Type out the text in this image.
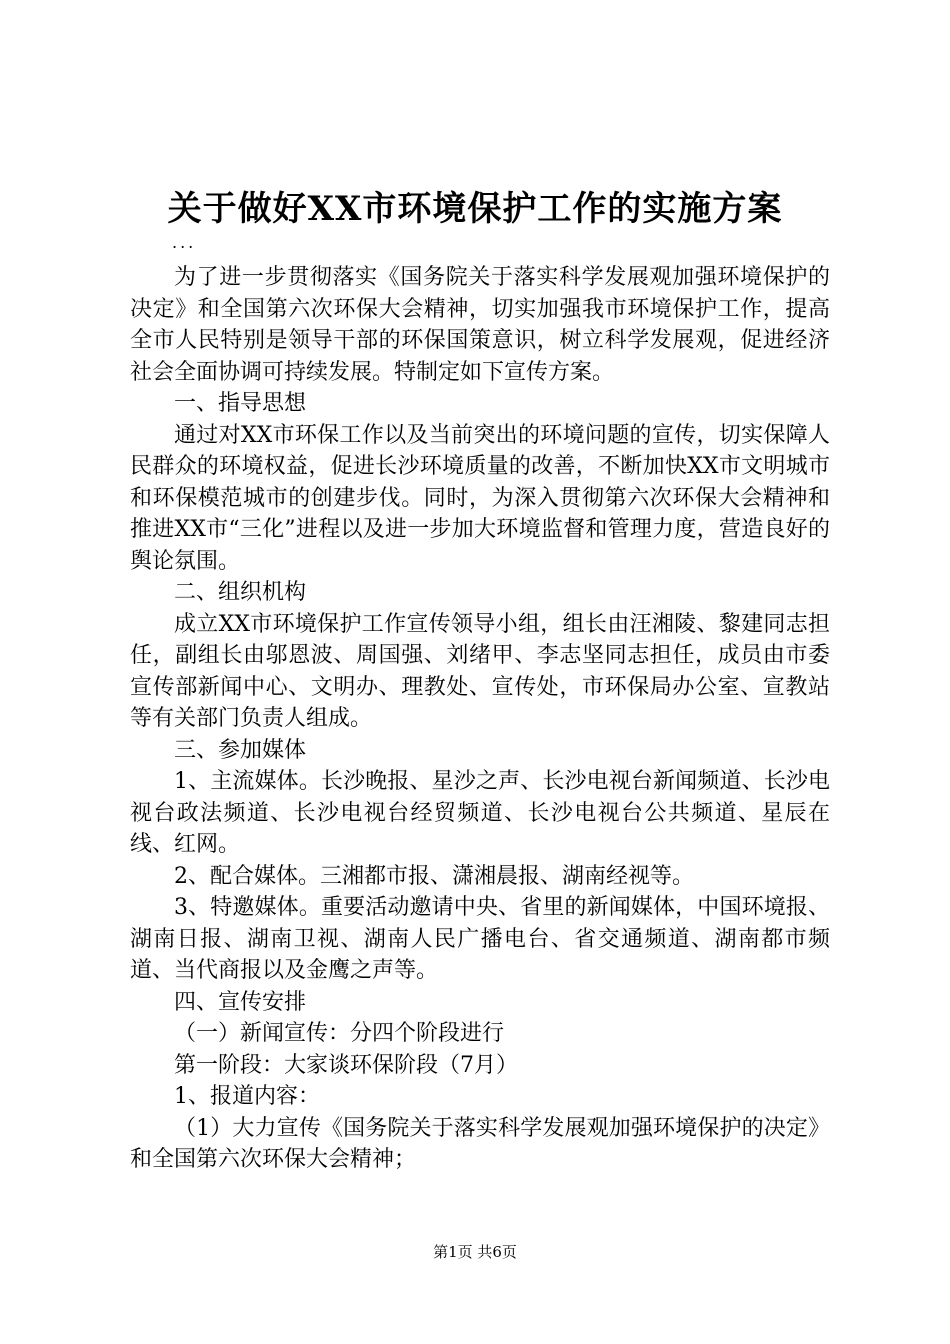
关于做好XX市环境保护工作的实施方案
...

为了进一步贯彻落实《国务院关于落实科学发展观加强环境保护的决定》和全国第六次环保大会精神，切实加强我市环境保护工作，提高全市人民特别是领导干部的环保国策意识，树立科学发展观，促进经济社会全面协调可持续发展。特制定如下宣传方案。

一、指导思想

通过对XX市环保工作以及当前突出的环境问题的宣传，切实保障人民群众的环境权益，促进长沙环境质量的改善，不断加快XX市文明城市和环保模范城市的创建步伐。同时，为深入贯彻第六次环保大会精神和推进XX市“三化”进程以及进一步加大环境监督和管理力度，营造良好的舆论氛围。

二、组织机构

成立XX市环境保护工作宣传领导小组，组长由汪湘陵、黎建同志担任，副组长由邬恩波、周国强、刘绪甲、李志坚同志担任，成员由市委宣传部新闻中心、文明办、理教处、宣传处，市环保局办公室、宣教站等有关部门负责人组成。

三、参加媒体

1、主流媒体。长沙晚报、星沙之声、长沙电视台新闻频道、长沙电视台政法频道、长沙电视台经贸频道、长沙电视台公共频道、星辰在线、红网。

2、配合媒体。三湘都市报、潇湘晨报、湖南经视等。

3、特邀媒体。重要活动邀请中央、省里的新闻媒体，中国环境报、湖南日报、湖南卫视、湖南人民广播电台、省交通频道、湖南都市频道、当代商报以及金鹰之声等。

四、宣传安排

（一）新闻宣传：分四个阶段进行

第一阶段：大家谈环保阶段（7月）

1、报道内容：

（1）大力宣传《国务院关于落实科学发展观加强环境保护的决定》和全国第六次环保大会精神；

第1页 共6页
